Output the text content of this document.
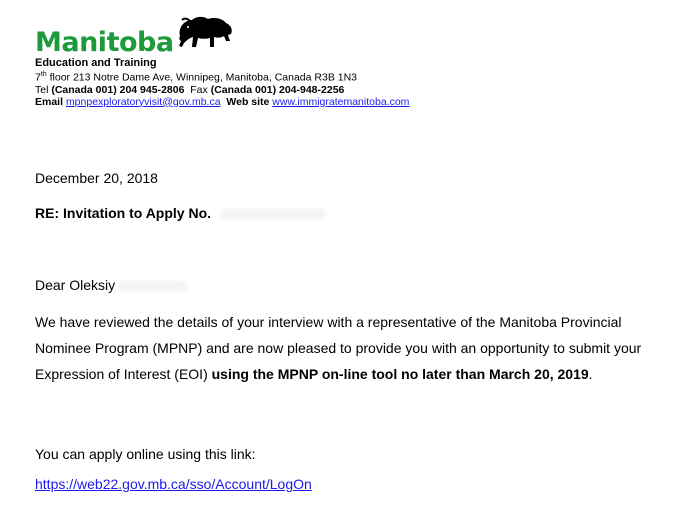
Manitoba
Education and Training
7th floor 213 Notre Dame Ave, Winnipeg, Manitoba, Canada R3B 1N3
Tel (Canada 001) 204 945-2806  Fax (Canada 001) 204-948-2256
Email mpnpexploratoryvisit@gov.mb.ca  Web site www.immigratemanitoba.com
December 20, 2018
RE: Invitation to Apply No.
Dear Oleksiy
We have reviewed the details of your interview with a representative of the Manitoba Provincial Nominee Program (MPNP) and are now pleased to provide you with an opportunity to submit your Expression of Interest (EOI) using the MPNP on-line tool no later than March 20, 2019.
You can apply online using this link:
https://web22.gov.mb.ca/sso/Account/LogOn
